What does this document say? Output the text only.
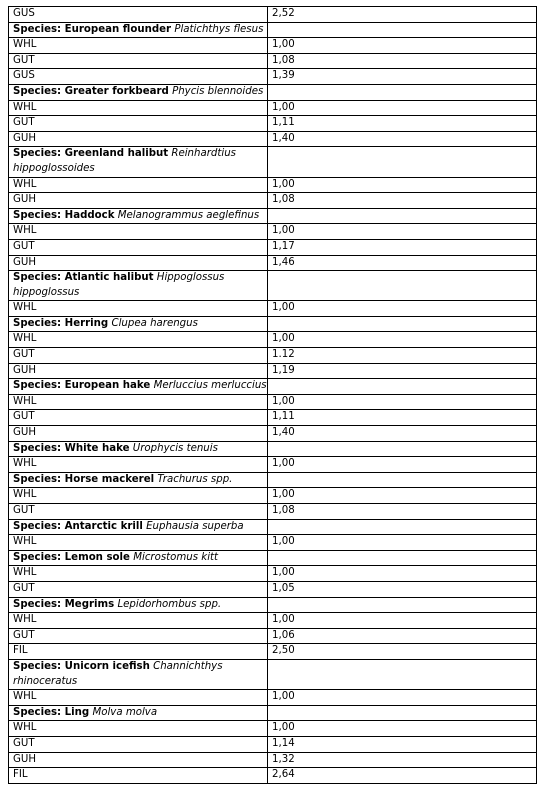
GUS	2,52
Species: European flounder Platichthys flesus	
WHL	1,00
GUT	1,08
GUS	1,39
Species: Greater forkbeard Phycis blennoides	
WHL	1,00
GUT	1,11
GUH	1,40
Species: Greenland halibut Reinhardtius hippoglossoides	
WHL	1,00
GUH	1,08
Species: Haddock Melanogrammus aeglefinus	
WHL	1,00
GUT	1,17
GUH	1,46
Species: Atlantic halibut Hippoglossus hippoglossus	
WHL	1,00
Species: Herring Clupea harengus	
WHL	1,00
GUT	1.12
GUH	1,19
Species: European hake Merluccius merluccius	
WHL	1,00
GUT	1,11
GUH	1,40
Species: White hake Urophycis tenuis	
WHL	1,00
Species: Horse mackerel Trachurus spp.	
WHL	1,00
GUT	1,08
Species: Antarctic krill Euphausia superba	
WHL	1,00
Species: Lemon sole Microstomus kitt	
WHL	1,00
GUT	1,05
Species: Megrims Lepidorhombus spp.	
WHL	1,00
GUT	1,06
FIL	2,50
Species: Unicorn icefish Channichthys rhinoceratus	
WHL	1,00
Species: Ling Molva molva	
WHL	1,00
GUT	1,14
GUH	1,32
FIL	2,64
